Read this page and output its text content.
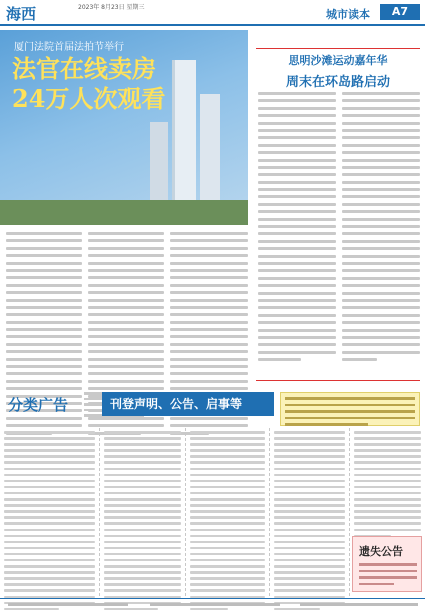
海西	2023年 8月23日 星期三
城市读本	A7
厦门法院首届法拍节举行
法官在线卖房
24万人次观看
思明沙滩运动嘉年华
周末在环岛路启动
分类广告	刊登声明、公告、启事等
遗失公告
